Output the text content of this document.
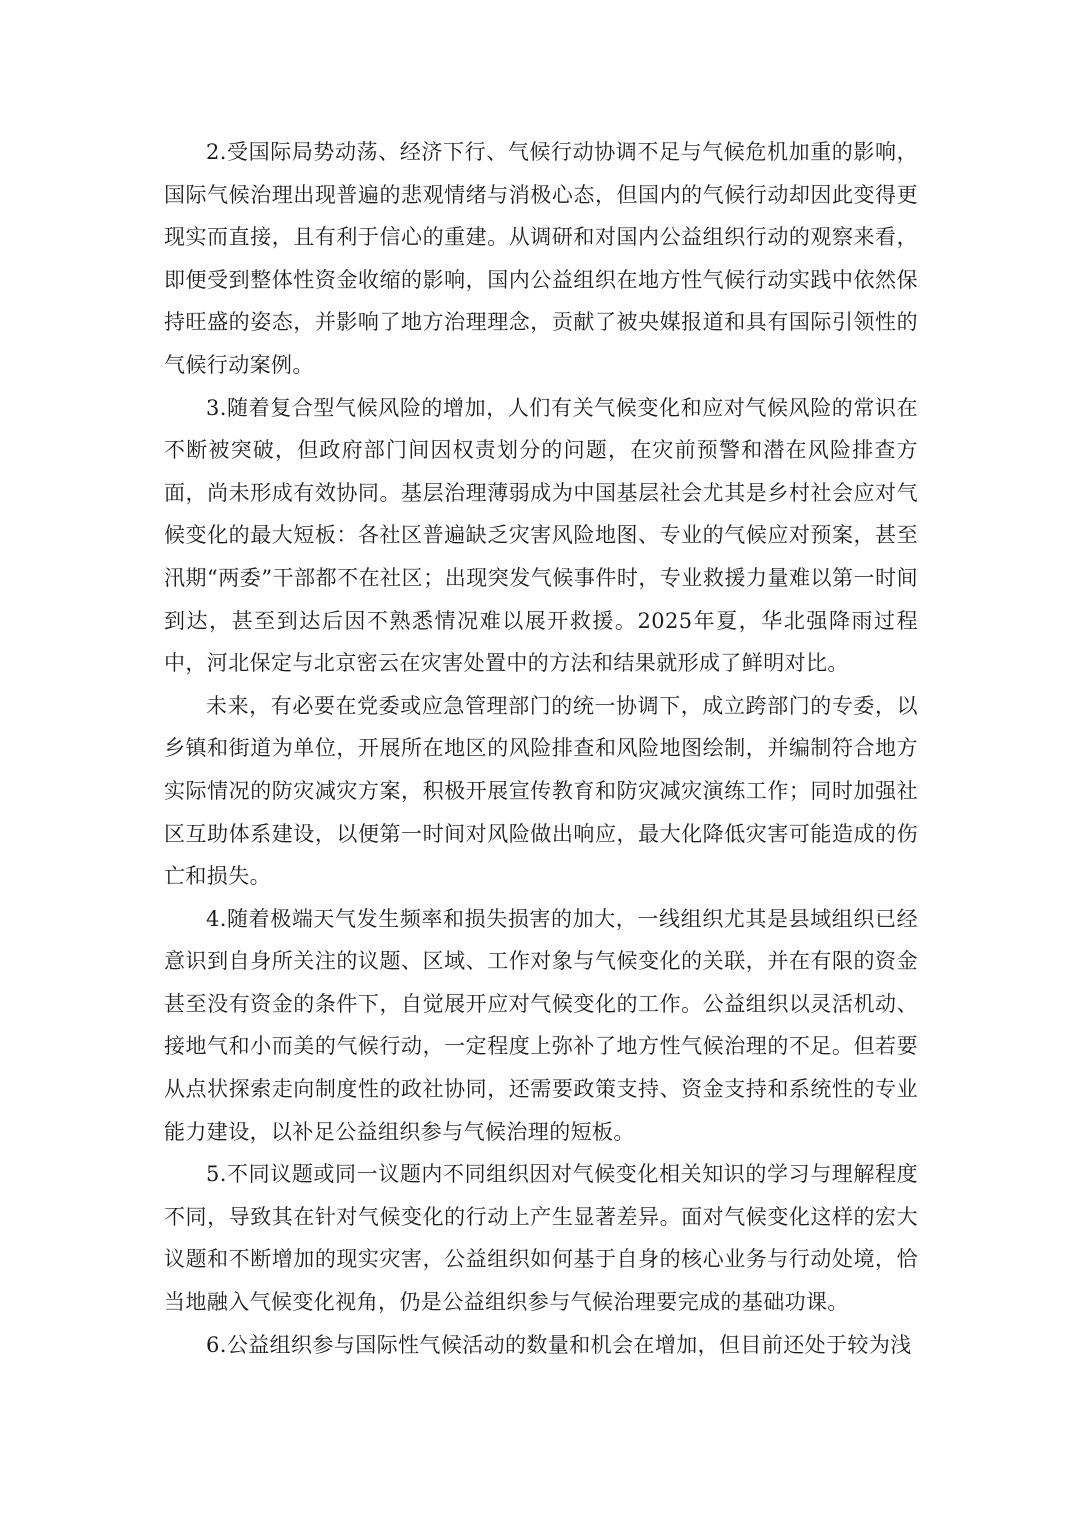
2.受国际局势动荡、经济下行、气候行动协调不足与气候危机加重的影响，国际气候治理出现普遍的悲观情绪与消极心态，但国内的气候行动却因此变得更现实而直接，且有利于信心的重建。从调研和对国内公益组织行动的观察来看，即便受到整体性资金收缩的影响，国内公益组织在地方性气候行动实践中依然保持旺盛的姿态，并影响了地方治理理念，贡献了被央媒报道和具有国际引领性的气候行动案例。

3.随着复合型气候风险的增加，人们有关气候变化和应对气候风险的常识在不断被突破，但政府部门间因权责划分的问题，在灾前预警和潜在风险排查方面，尚未形成有效协同。基层治理薄弱成为中国基层社会尤其是乡村社会应对气候变化的最大短板：各社区普遍缺乏灾害风险地图、专业的气候应对预案，甚至汛期“两委”干部都不在社区；出现突发气候事件时，专业救援力量难以第一时间到达，甚至到达后因不熟悉情况难以展开救援。2025年夏，华北强降雨过程中，河北保定与北京密云在灾害处置中的方法和结果就形成了鲜明对比。

未来，有必要在党委或应急管理部门的统一协调下，成立跨部门的专委，以乡镇和街道为单位，开展所在地区的风险排查和风险地图绘制，并编制符合地方实际情况的防灾减灾方案，积极开展宣传教育和防灾减灾演练工作；同时加强社区互助体系建设，以便第一时间对风险做出响应，最大化降低灾害可能造成的伤亡和损失。

4.随着极端天气发生频率和损失损害的加大，一线组织尤其是县域组织已经意识到自身所关注的议题、区域、工作对象与气候变化的关联，并在有限的资金甚至没有资金的条件下，自觉展开应对气候变化的工作。公益组织以灵活机动、接地气和小而美的气候行动，一定程度上弥补了地方性气候治理的不足。但若要从点状探索走向制度性的政社协同，还需要政策支持、资金支持和系统性的专业能力建设，以补足公益组织参与气候治理的短板。

5.不同议题或同一议题内不同组织因对气候变化相关知识的学习与理解程度不同，导致其在针对气候变化的行动上产生显著差异。面对气候变化这样的宏大议题和不断增加的现实灾害，公益组织如何基于自身的核心业务与行动处境，恰当地融入气候变化视角，仍是公益组织参与气候治理要完成的基础功课。

6.公益组织参与国际性气候活动的数量和机会在增加，但目前还处于较为浅
